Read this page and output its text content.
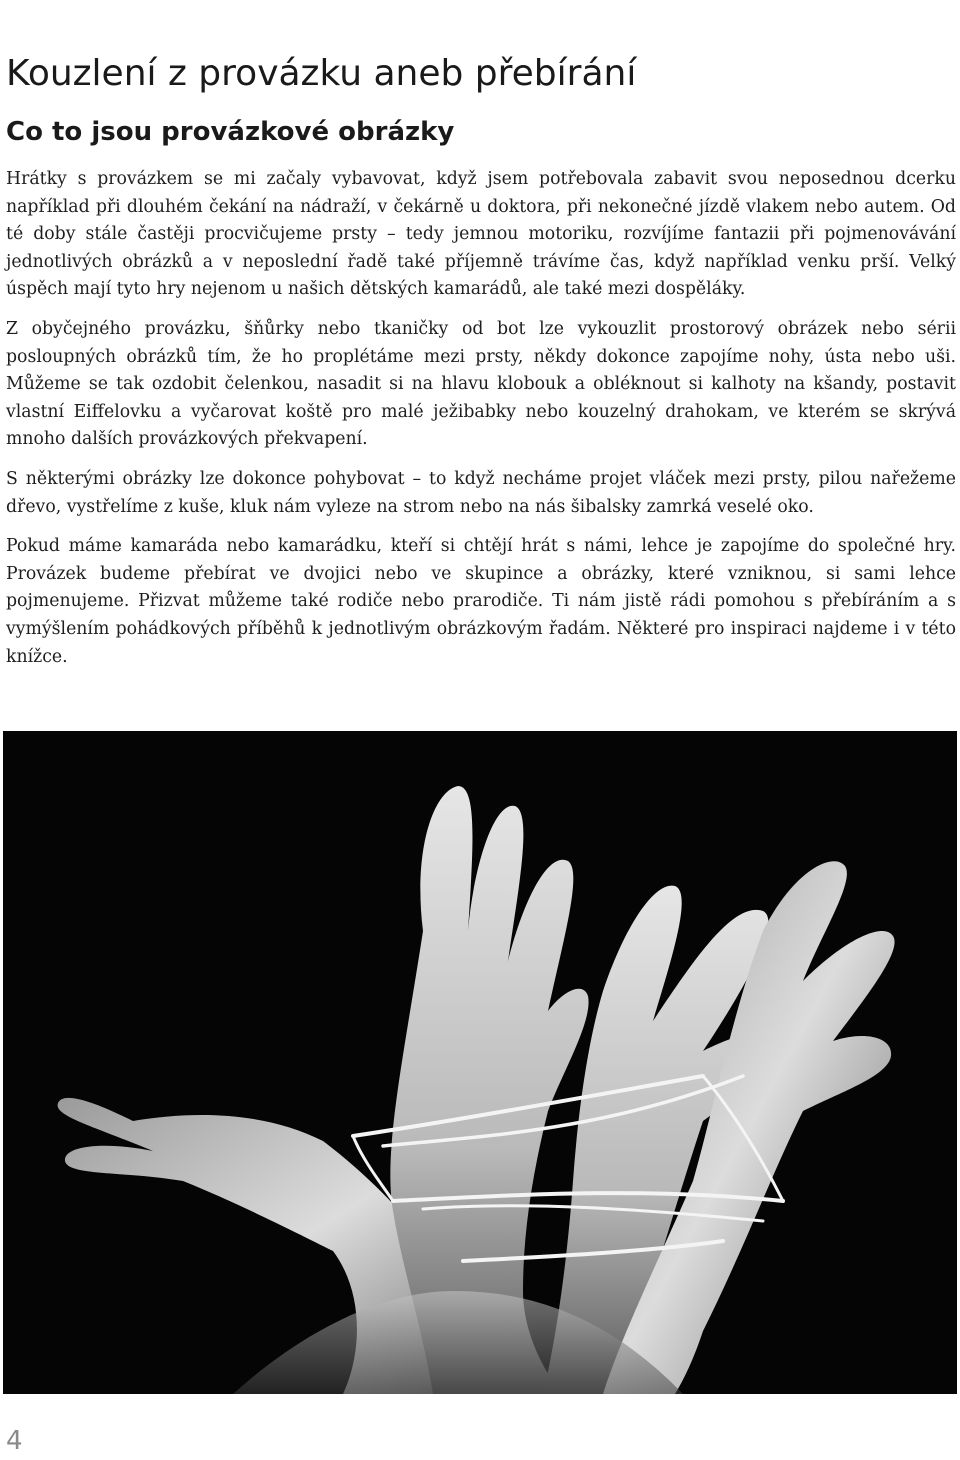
Kouzlení z provázku aneb přebírání
Co to jsou provázkové obrázky

Hrátky s provázkem se mi začaly vybavovat, když jsem potřebovala zabavit svou neposednou dcerku například při dlouhém čekání na nádraží, v čekárně u doktora, při nekonečné jízdě vlakem nebo autem. Od té doby stále častěji procvičujeme prsty – tedy jemnou motoriku, rozvíjíme fantazii při pojmenovávání jednotlivých obrázků a v neposlední řadě také příjemně trávíme čas, když například venku prší. Velký úspěch mají tyto hry nejenom u našich dětských kamarádů, ale také mezi dospěláky.

Z obyčejného provázku, šňůrky nebo tkaničky od bot lze vykouzlit prostorový obrázek nebo sérii posloupných obrázků tím, že ho proplétáme mezi prsty, někdy dokonce zapojíme nohy, ústa nebo uši. Můžeme se tak ozdobit čelenkou, nasadit si na hlavu klobouk a obléknout si kalhoty na kšandy, postavit vlastní Eiffelovku a vyčarovat koště pro malé ježibabky nebo kouzelný drahokam, ve kterém se skrývá mnoho dalších provázkových překvapení.

S některými obrázky lze dokonce pohybovat – to když necháme projet vláček mezi prsty, pilou nařežeme dřevo, vystřelíme z kuše, kluk nám vyleze na strom nebo na nás šibalsky zamrká veselé oko.

Pokud máme kamaráda nebo kamarádku, kteří si chtějí hrát s námi, lehce je zapojíme do společné hry. Provázek budeme přebírat ve dvojici nebo ve skupince a obrázky, které vzniknou, si sami lehce pojmenujeme. Přizvat můžeme také rodiče nebo prarodiče. Ti nám jistě rádi pomohou s přebíráním a s vymýšlením pohádkových příběhů k jednotlivým obrázkovým řadám. Některé pro inspiraci najdeme i v této knížce.

4
